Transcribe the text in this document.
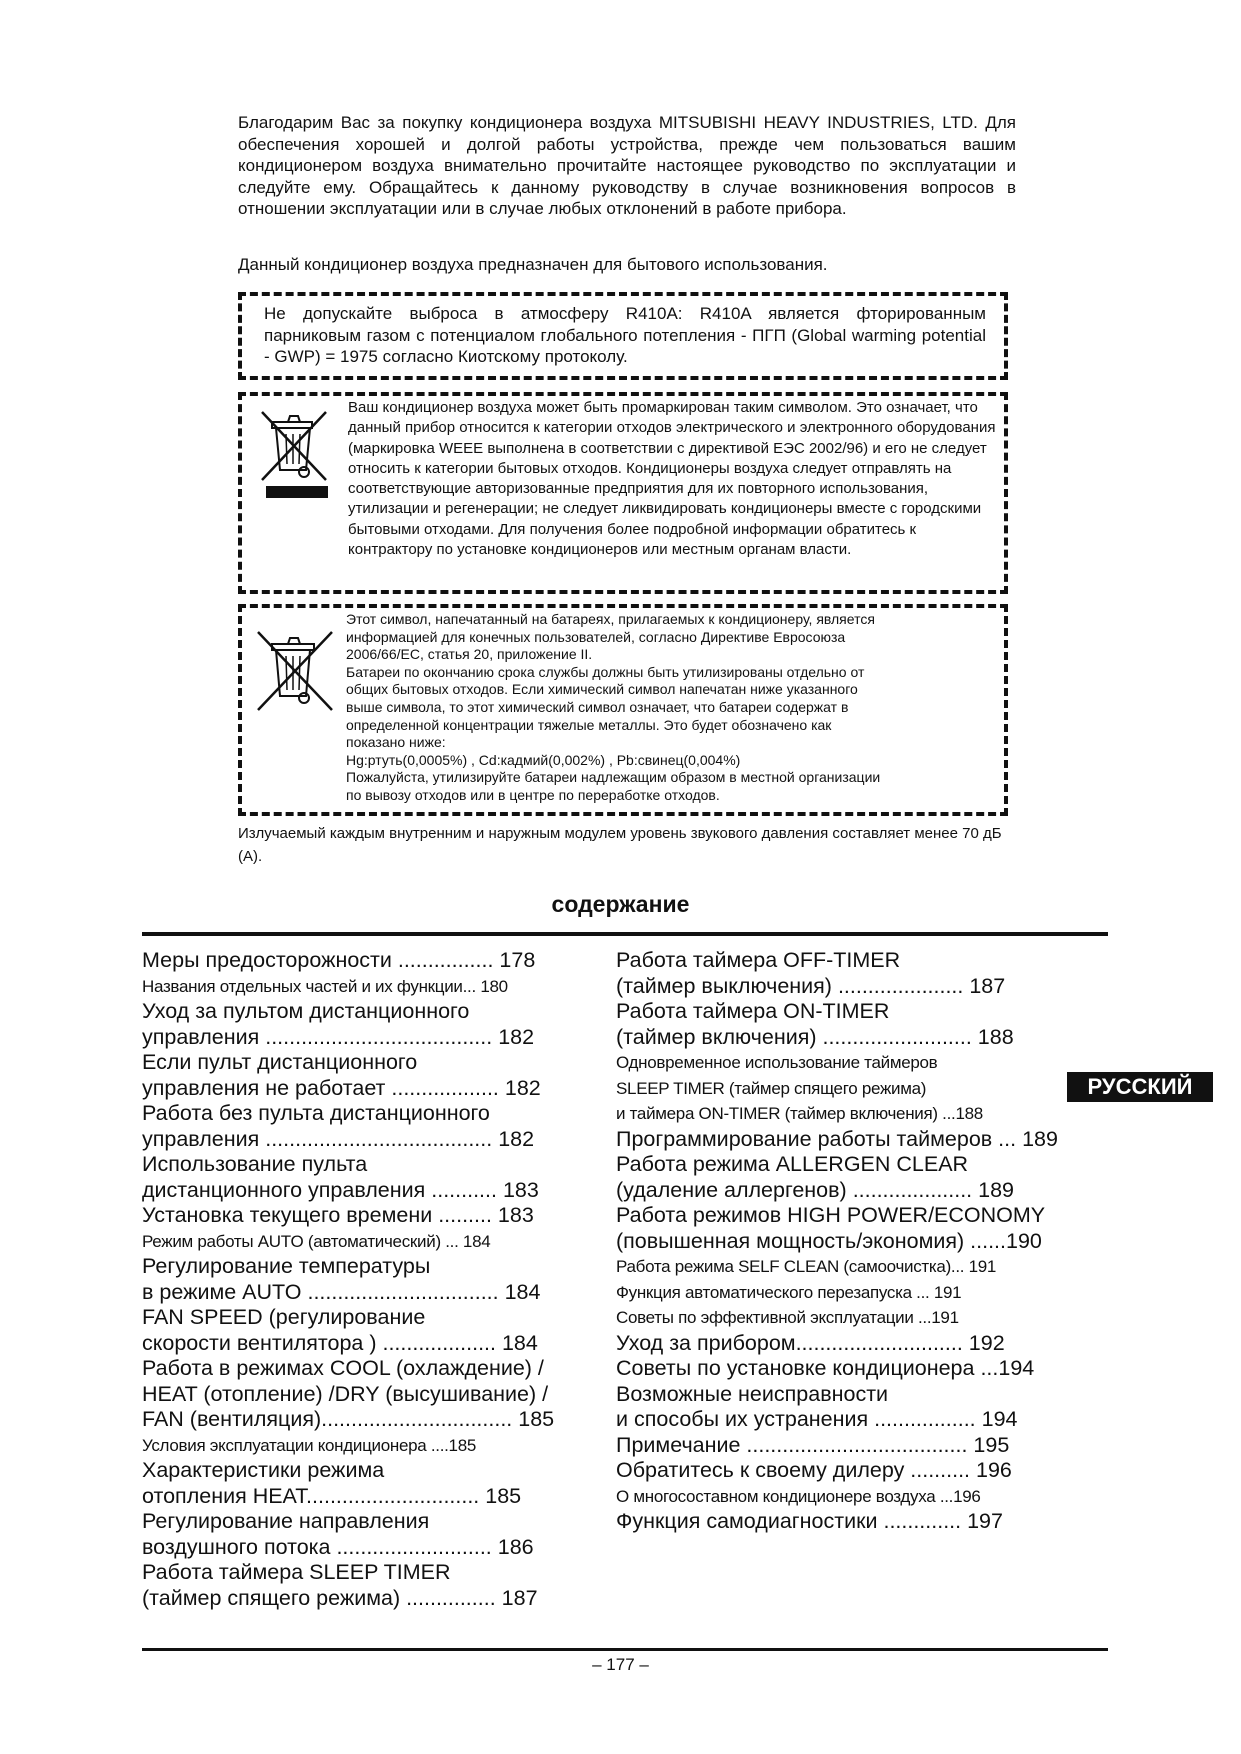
Благодарим Вас за покупку кондиционера воздуха MITSUBISHI HEAVY INDUSTRIES, LTD. Для обеспечения хорошей и долгой работы устройства, прежде чем пользоваться вашим кондиционером воздуха внимательно прочитайте настоящее руководство по эксплуатации и следуйте ему. Обращайтесь к данному руководству в случае возникновения вопросов в отношении эксплуатации или в случае любых отклонений в работе прибора.
Данный кондиционер воздуха предназначен для бытового использования.
Не допускайте выброса в атмосферу R410A: R410A является фторированным парниковым газом с потенциалом глобального потепления - ПГП (Global warming potential - GWP) = 1975 согласно Киотскому протоколу.
Ваш кондиционер воздуха может быть промаркирован таким символом. Это означает, что данный прибор относится к категории отходов электрического и электронного оборудования (маркировка WEEE выполнена в соответствии с директивой ЕЭС 2002/96) и его не следует относить к категории бытовых отходов. Кондиционеры воздуха следует отправлять на соответствующие авторизованные предприятия для их повторного использования, утилизации и регенерации; не следует ликвидировать кондиционеры вместе с городскими бытовыми отходами. Для получения более подробной информации обратитесь к контрактору по установке кондиционеров или местным органам власти.
Этот символ, напечатанный на батареях, прилагаемых к кондиционеру, является
информацией для конечных пользователей, согласно Директиве Евросоюза
2006/66/EC, статья 20, приложение II.
Батареи по окончанию срока службы должны быть утилизированы отдельно от
общих бытовых отходов. Если химический символ напечатан ниже указанного
выше символа, то этот химический символ означает, что батареи содержат в
определенной концентрации тяжелые металлы. Это будет обозначено как
показано ниже:
Hg:ртуть(0,0005%) , Cd:кадмий(0,002%) , Pb:свинец(0,004%)
Пожалуйста, утилизируйте батареи надлежащим образом в местной организации
по вывозу отходов или в центре по переработке отходов.
Излучаемый каждым внутренним и наружным модулем уровень звукового давления составляет менее 70 дБ (A).
содержание
Меры предосторожности ................ 178
Названия отдельных частей и их функции... 180
Уход за пультом дистанционного
управления ...................................... 182
Если пульт дистанционного
управления не работает .................. 182
Работа без пульта дистанционного
управления ...................................... 182
Использование пульта
дистанционного управления ........... 183
Установка текущего времени ......... 183
Режим работы AUTO (автоматический) ... 184
Регулирование температуры
в режиме AUTO ................................ 184
FAN SPEED (регулирование
скорости вентилятора ) ................... 184
Работа в режимах COOL (охлаждение) /
HEAT (отопление) /DRY (высушивание) /
FAN (вентиляция)................................ 185
Условия эксплуатации кондиционера ....185
Характеристики режима
отопления HEAT............................. 185
Регулирование направления
воздушного потока .......................... 186
Работа таймера SLEEP TIMER
(таймер спящего режима) ............... 187
Работа таймера OFF-TIMER
(таймер выключения) ..................... 187
Работа таймера ON-TIMER
(таймер включения) ......................... 188
Одновременное использование таймеров
SLEEP TIMER (таймер спящего режима)
и таймера ON-TIMER (таймер включения) ...188
Программирование работы таймеров ... 189
Работа режима ALLERGEN CLEAR
(удаление аллергенов) .................... 189
Работа режимов HIGH POWER/ECONOMY
(повышенная мощность/экономия) ......190
Работа режима SELF CLEAN (самоочистка)... 191
Функция автоматического перезапуска ... 191
Советы по эффективной эксплуатации ...191
Уход за прибором............................ 192
Советы по установке кондиционера ...194
Возможные неисправности
и способы их устранения ................. 194
Примечание ..................................... 195
Обратитесь к своему дилеру .......... 196
О многосоставном кондиционере воздуха ...196
Функция самодиагностики ............. 197
РУССКИЙ
– 177 –
